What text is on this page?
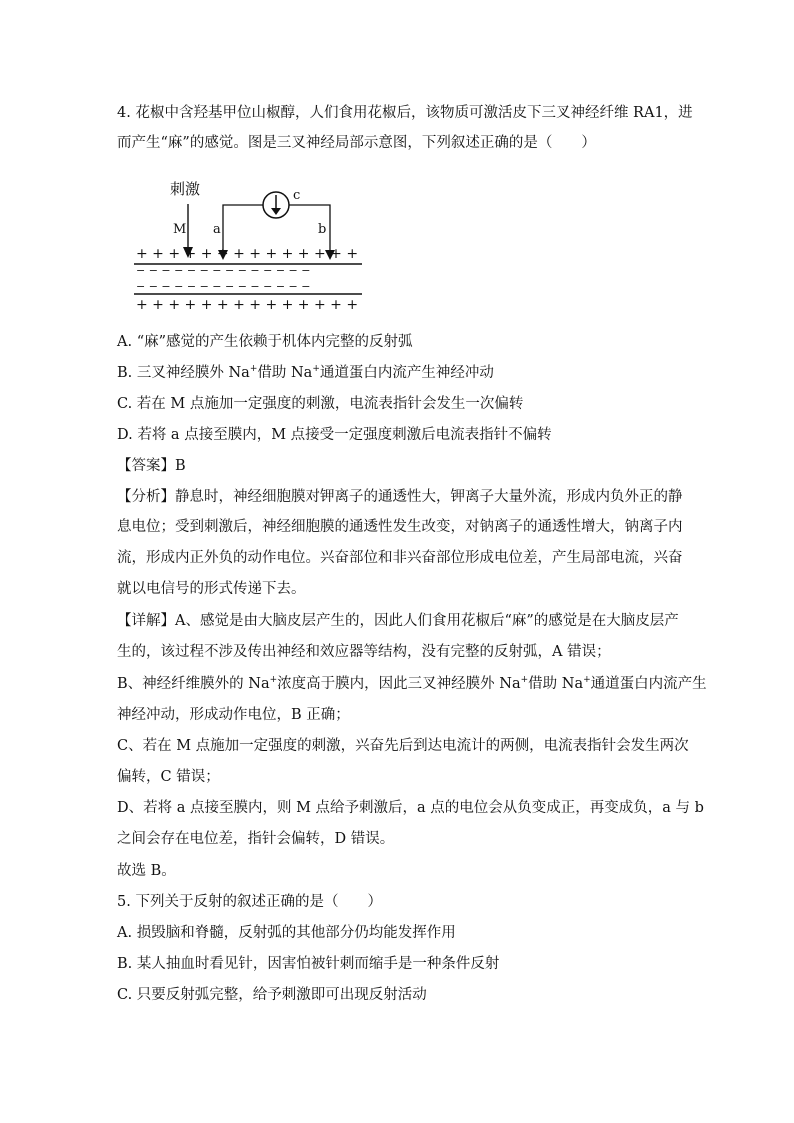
4. 花椒中含羟基甲位山椒醇，人们食用花椒后，该物质可激活皮下三叉神经纤维 RA1，进
而产生“麻”的感觉。图是三叉神经局部示意图，下列叙述正确的是（　　）
刺激
M a	b
c
+ + + + + + + + + + + + + +
− − − − − − − − − − − − − −
− − − − − − − − − − − − − −
+ + + + + + + + + + + + + +
A. “麻”感觉的产生依赖于机体内完整的反射弧
B. 三叉神经膜外 Na+借助 Na+通道蛋白内流产生神经冲动
C. 若在 M 点施加一定强度的刺激，电流表指针会发生一次偏转
D. 若将 a 点接至膜内，M 点接受一定强度刺激后电流表指针不偏转
【答案】B
【分析】静息时，神经细胞膜对钾离子的通透性大，钾离子大量外流，形成内负外正的静
息电位；受到刺激后，神经细胞膜的通透性发生改变，对钠离子的通透性增大，钠离子内
流，形成内正外负的动作电位。兴奋部位和非兴奋部位形成电位差，产生局部电流，兴奋
就以电信号的形式传递下去。
【详解】A、感觉是由大脑皮层产生的，因此人们食用花椒后“麻”的感觉是在大脑皮层产
生的，该过程不涉及传出神经和效应器等结构，没有完整的反射弧，A 错误；
B、神经纤维膜外的 Na+浓度高于膜内，因此三叉神经膜外 Na+借助 Na+通道蛋白内流产生
神经冲动，形成动作电位，B 正确；
C、若在 M 点施加一定强度的刺激，兴奋先后到达电流计的两侧，电流表指针会发生两次
偏转，C 错误；
D、若将 a 点接至膜内，则 M 点给予刺激后，a 点的电位会从负变成正，再变成负，a 与 b
之间会存在电位差，指针会偏转，D 错误。
故选 B。
5. 下列关于反射的叙述正确的是（　　）
A. 损毁脑和脊髓，反射弧的其他部分仍均能发挥作用
B. 某人抽血时看见针，因害怕被针刺而缩手是一种条件反射
C. 只要反射弧完整，给予刺激即可出现反射活动
